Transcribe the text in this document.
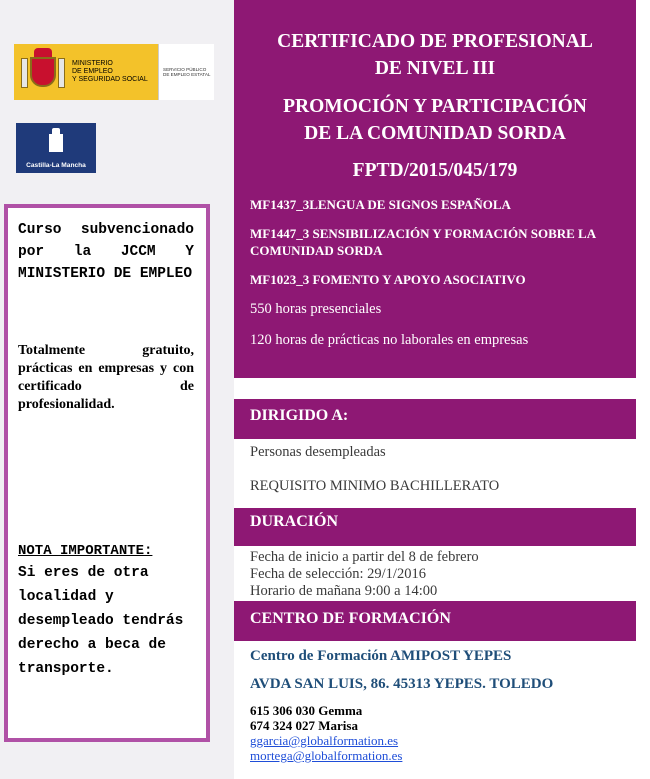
MINISTERIO
DE EMPLEO
Y SEGURIDAD SOCIAL
SERVICIO PÚBLICO
DE EMPLEO ESTATAL
Castilla-La Mancha

Curso subvencionado por la JCCM Y MINISTERIO DE EMPLEO

Totalmente gratuito, prácticas en empresas y con certificado de profesionalidad.

NOTA IMPORTANTE:

Si eres de otra localidad y desempleado tendrás derecho a beca de transporte.

CERTIFICADO DE PROFESIONAL
DE NIVEL III
PROMOCIÓN Y PARTICIPACIÓN
DE LA COMUNIDAD SORDA
FPTD/2015/045/179

MF1437_3LENGUA DE SIGNOS ESPAÑOLA

MF1447_3 SENSIBILIZACIÓN Y FORMACIÓN SOBRE LA COMUNIDAD SORDA

MF1023_3 FOMENTO Y APOYO ASOCIATIVO

550 horas presenciales

120 horas de prácticas no laborales en empresas

DIRIGIDO A:

Personas desempleadas

REQUISITO MINIMO BACHILLERATO

DURACIÓN
Fecha de inicio a partir del 8 de febrero
Fecha de selección: 29/1/2016
Horario de mañana 9:00 a 14:00
CENTRO DE FORMACIÓN

Centro de Formación AMIPOST YEPES

AVDA SAN LUIS, 86. 45313 YEPES. TOLEDO

615 306 030 Gemma
674 324 027 Marisa
ggarcia@globalformation.es
mortega@globalformation.es
